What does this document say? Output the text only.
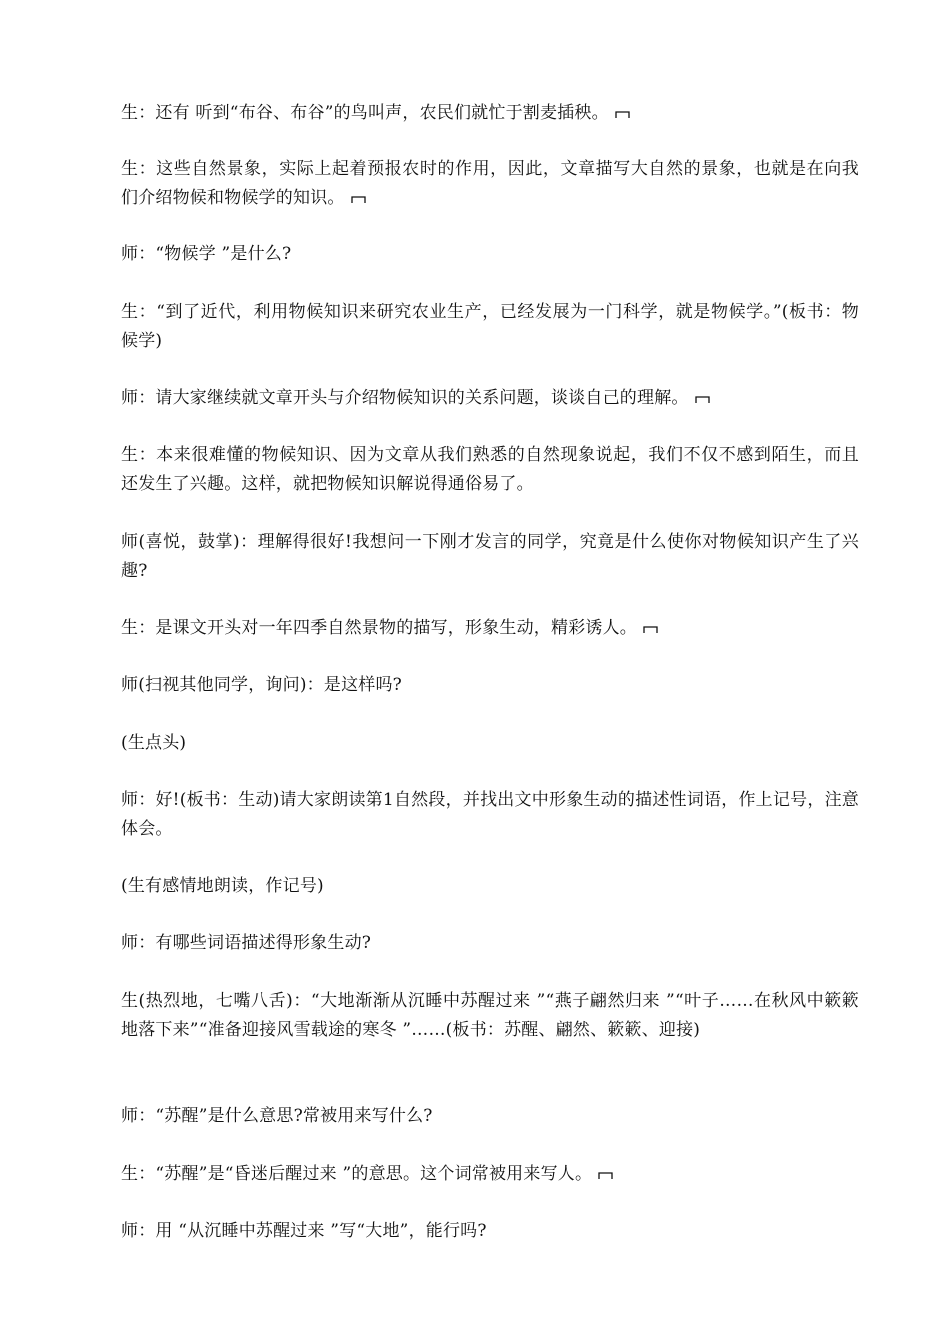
生：还有 听到“布谷、布谷”的鸟叫声，农民们就忙于割麦插秧。

生：这些自然景象，实际上起着预报农时的作用，因此，文章描写大自然的景象，也就是在向我们介绍物候和物候学的知识。

师：“物候学 ”是什么?

生：“到了近代，利用物候知识来研究农业生产，已经发展为一门科学，就是物候学。”(板书：物候学)

师：请大家继续就文章开头与介绍物候知识的关系问题，谈谈自己的理解。

生：本来很难懂的物候知识、因为文章从我们熟悉的自然现象说起，我们不仅不感到陌生，而且还发生了兴趣。这样，就把物候知识解说得通俗易了。

师(喜悦，鼓掌)：理解得很好!我想问一下刚才发言的同学，究竟是什么使你对物候知识产生了兴趣?

生：是课文开头对一年四季自然景物的描写，形象生动，精彩诱人。

师(扫视其他同学，询问)：是这样吗?

(生点头)

师：好!(板书：生动)请大家朗读第1自然段，并找出文中形象生动的描述性词语，作上记号，注意体会。

(生有感情地朗读，作记号)

师：有哪些词语描述得形象生动?

生(热烈地，七嘴八舌)：“大地渐渐从沉睡中苏醒过来 ”“燕子翩然归来 ”“叶子……在秋风中簌簌地落下来”“准备迎接风雪载途的寒冬 ”……(板书：苏醒、翩然、簌簌、迎接)

师：“苏醒”是什么意思?常被用来写什么?

生：“苏醒”是“昏迷后醒过来 ”的意思。这个词常被用来写人。

师：用 “从沉睡中苏醒过来 ”写“大地”，能行吗?
